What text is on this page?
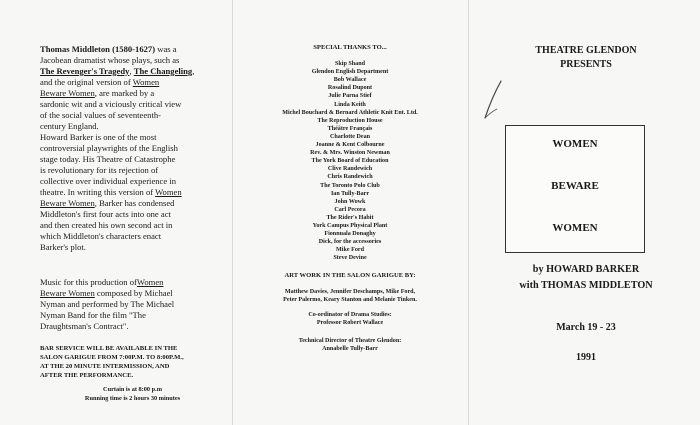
Thomas Middleton (1580-1627) was a
Jacobean dramatist whose plays, such as
The Revenger's Tragedy, The Changeling,
and the original version of Women
Beware Women, are marked by a
sardonic wit and a viciously critical view
of the social values of seventeenth-
century England.
Howard Barker is one of the most
controversial playwrights of the English
stage today. His Theatre of Catastrophe
is revolutionary for its rejection of
collective over individual experience in
theatre. In writing this version of Women
Beware Women, Barker has condensed
Middleton's first four acts into one act
and then created his own second act in
which Middleton's characters enact
Barker's plot.

Music for this production ofWomen
Beware Women composed by Michael
Nyman and performed by The Michael
Nyman Band for the film "The
Draughtsman's Contract".

BAR SERVICE WILL BE AVAILABLE IN THE
SALON GARIGUE FROM 7:00P.M. TO 8:00P.M.,
AT THE 20 MINUTE INTERMISSION, AND
AFTER THE PERFORMANCE.

Curtain is at 8:00 p.m
Running time is 2 hours 30 minutes

SPECIAL THANKS TO...
Skip Shand
Glendon English Department
Bob Wallace
Rosalind Dupont
Julie Parna Stief
Linda Keith
Michel Bouchard & Bernard Athletic Knit Ent. Ltd.
The Reproduction House
Théâtre Français
Charlotte Dean
Joanne & Kent Colbourne
Rev. & Mrs. Winston Newman
The York Board of Education
Clive Randewich
Chris Randewich
The Toronto Polo Club
Ian Tully-Barr
John Wowk
Carl Pecora
The Rider's Habit
York Campus Physical Plant
Fionnuala Donaghy
Dick, for the accessories
Mike Ford
Steve Devine
ART WORK IN THE SALON GARIGUE BY:
Matthew Davies, Jennifer Deschamps, Mike Ford,
Peter Palermo, Keary Stanton and Melanie Tinken.
Co-ordinator of Drama Studies:
Professor Robert Wallace
Technical Director of Theatre Glendon:
Annabelle Tully-Barr
THEATRE GLENDON
PRESENTS
WOMEN
BEWARE
WOMEN
by HOWARD BARKER
with THOMAS MIDDLETON
March 19 - 23
1991
